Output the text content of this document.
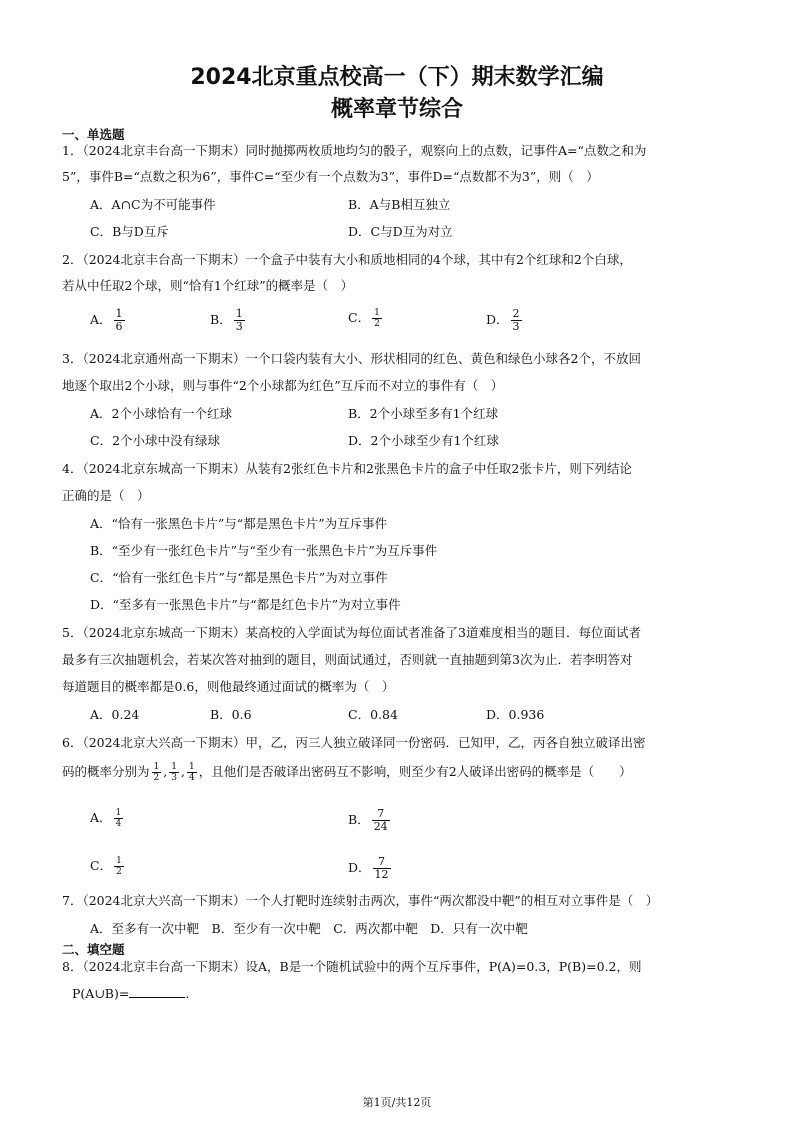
2024北京重点校高一（下）期末数学汇编
概率章节综合
一、单选题
1．（2024北京丰台高一下期末）同时抛掷两枚质地均匀的骰子，观察向上的点数，记事件A=“点数之和为
5”，事件B=“点数之积为6”，事件C=“至少有一个点数为3”，事件D=“点数都不为3”，则（　）
A．A∩C为不可能事件	B．A与B相互独立
C．B与D互斥	D．C与D互为对立
2．（2024北京丰台高一下期末）一个盒子中装有大小和质地相同的4个球，其中有2个红球和2个白球，
若从中任取2个球，则“恰有1个红球”的概率是（　）
A． $\frac{1}{6}$	B． $\frac{1}{3}$	C． $\frac{1}{2}$	D． $\frac{2}{3}$
3．（2024北京通州高一下期末）一个口袋内装有大小、形状相同的红色、黄色和绿色小球各2个，不放回
地逐个取出2个小球，则与事件“2个小球都为红色”互斥而不对立的事件有（　）
A．2个小球恰有一个红球	B．2个小球至多有1个红球
C．2个小球中没有绿球	D．2个小球至少有1个红球
4．（2024北京东城高一下期末）从装有2张红色卡片和2张黑色卡片的盒子中任取2张卡片，则下列结论
正确的是（　）
A．“恰有一张黑色卡片”与“都是黑色卡片”为互斥事件
B．“至少有一张红色卡片”与“至少有一张黑色卡片”为互斥事件
C．“恰有一张红色卡片”与“都是黑色卡片”为对立事件
D．“至多有一张黑色卡片”与“都是红色卡片”为对立事件
5．（2024北京东城高一下期末）某高校的入学面试为每位面试者准备了3道难度相当的题目．每位面试者
最多有三次抽题机会，若某次答对抽到的题目，则面试通过，否则就一直抽题到第3次为止．若李明答对
每道题目的概率都是0.6，则他最终通过面试的概率为（　）
A．0.24	B．0.6	C．0.84	D．0.936
6．（2024北京大兴高一下期末）甲，乙，丙三人独立破译同一份密码．已知甲，乙，丙各自独立破译出密
码的概率分别为 $\frac{1}{2}$ , $\frac{1}{3}$ , $\frac{1}{4}$ ，且他们是否破译出密码互不影响，则至少有2人破译出密码的概率是（　　）
A． $\frac{1}{4}$	B． $\frac{7}{24}$
C． $\frac{1}{2}$	D． $\frac{7}{12}$
7．（2024北京大兴高一下期末）一个人打靶时连续射击两次，事件“两次都没中靶”的相互对立事件是（　）
A．至多有一次中靶　B．至少有一次中靶　C．两次都中靶　D．只有一次中靶
二、填空题
8．（2024北京丰台高一下期末）设A，B是一个随机试验中的两个互斥事件，P(A)=0.3，P(B)=0.2，则
P(A∪B)=	.
第1页/共12页
